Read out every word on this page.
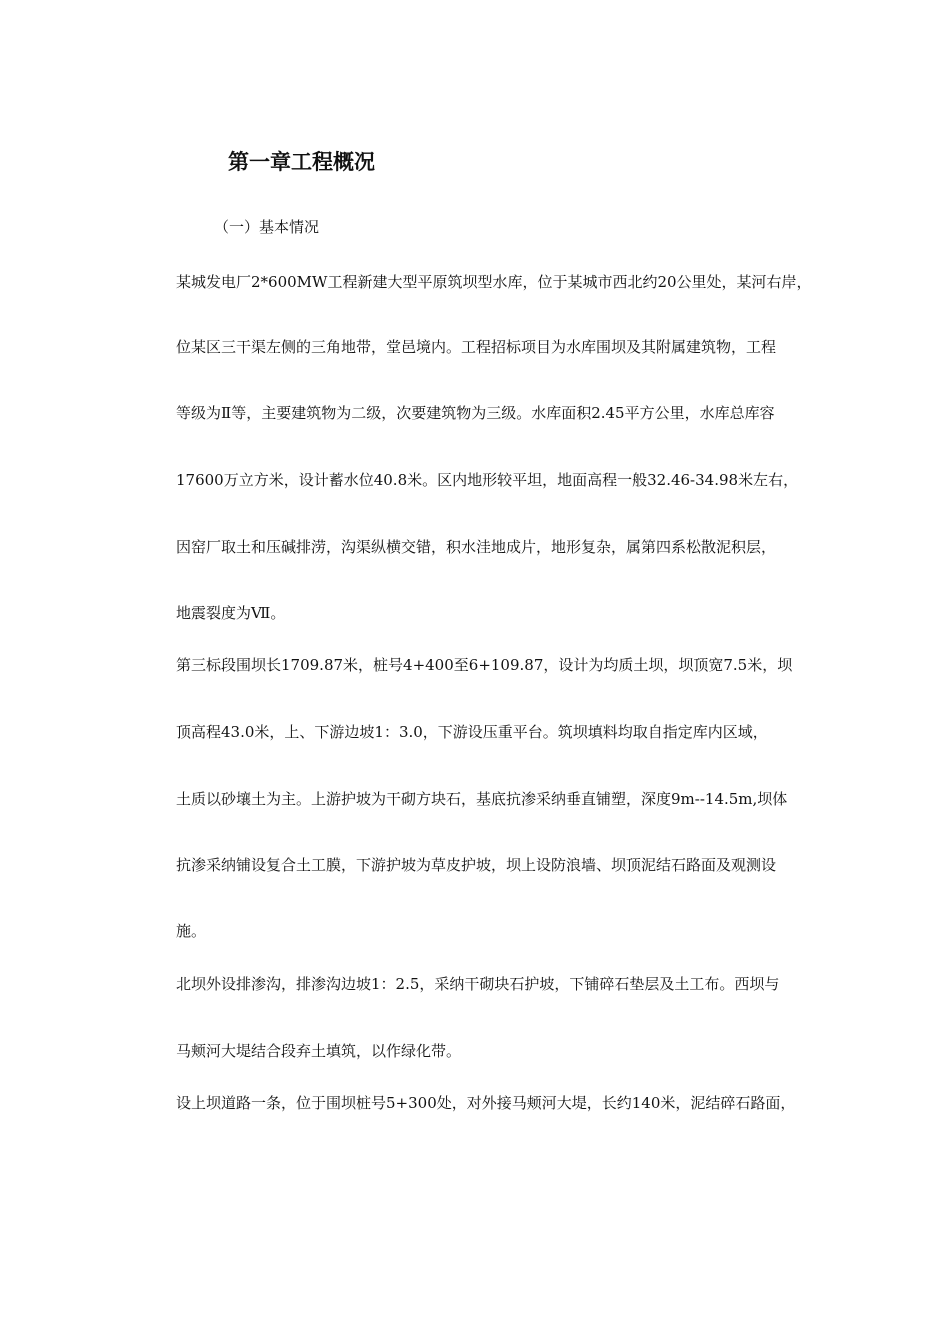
第一章工程概况
（一）基本情况
某城发电厂2*600MW工程新建大型平原筑坝型水库，位于某城市西北约20公里处，某河右岸，
位某区三干渠左侧的三角地带，堂邑境内。工程招标项目为水库围坝及其附属建筑物，工程
等级为Ⅱ等，主要建筑物为二级，次要建筑物为三级。水库面积2.45平方公里，水库总库容
17600万立方米，设计蓄水位40.8米。区内地形较平坦，地面高程一般32.46-34.98米左右，
因窑厂取土和压碱排涝，沟渠纵横交错，积水洼地成片，地形复杂，属第四系松散泥积层，
地震裂度为Ⅶ。
第三标段围坝长1709.87米，桩号4+400至6+109.87，设计为均质土坝，坝顶宽7.5米，坝
顶高程43.0米，上、下游边坡1：3.0，下游设压重平台。筑坝填料均取自指定库内区域，
土质以砂壤土为主。上游护坡为干砌方块石，基底抗渗采纳垂直铺塑，深度9m--14.5m,坝体
抗渗采纳铺设复合土工膜，下游护坡为草皮护坡，坝上设防浪墙、坝顶泥结石路面及观测设
施。
北坝外设排渗沟，排渗沟边坡1：2.5，采纳干砌块石护坡，下铺碎石垫层及土工布。西坝与
马颊河大堤结合段弃土填筑，以作绿化带。
设上坝道路一条，位于围坝桩号5+300处，对外接马颊河大堤，长约140米，泥结碎石路面，
